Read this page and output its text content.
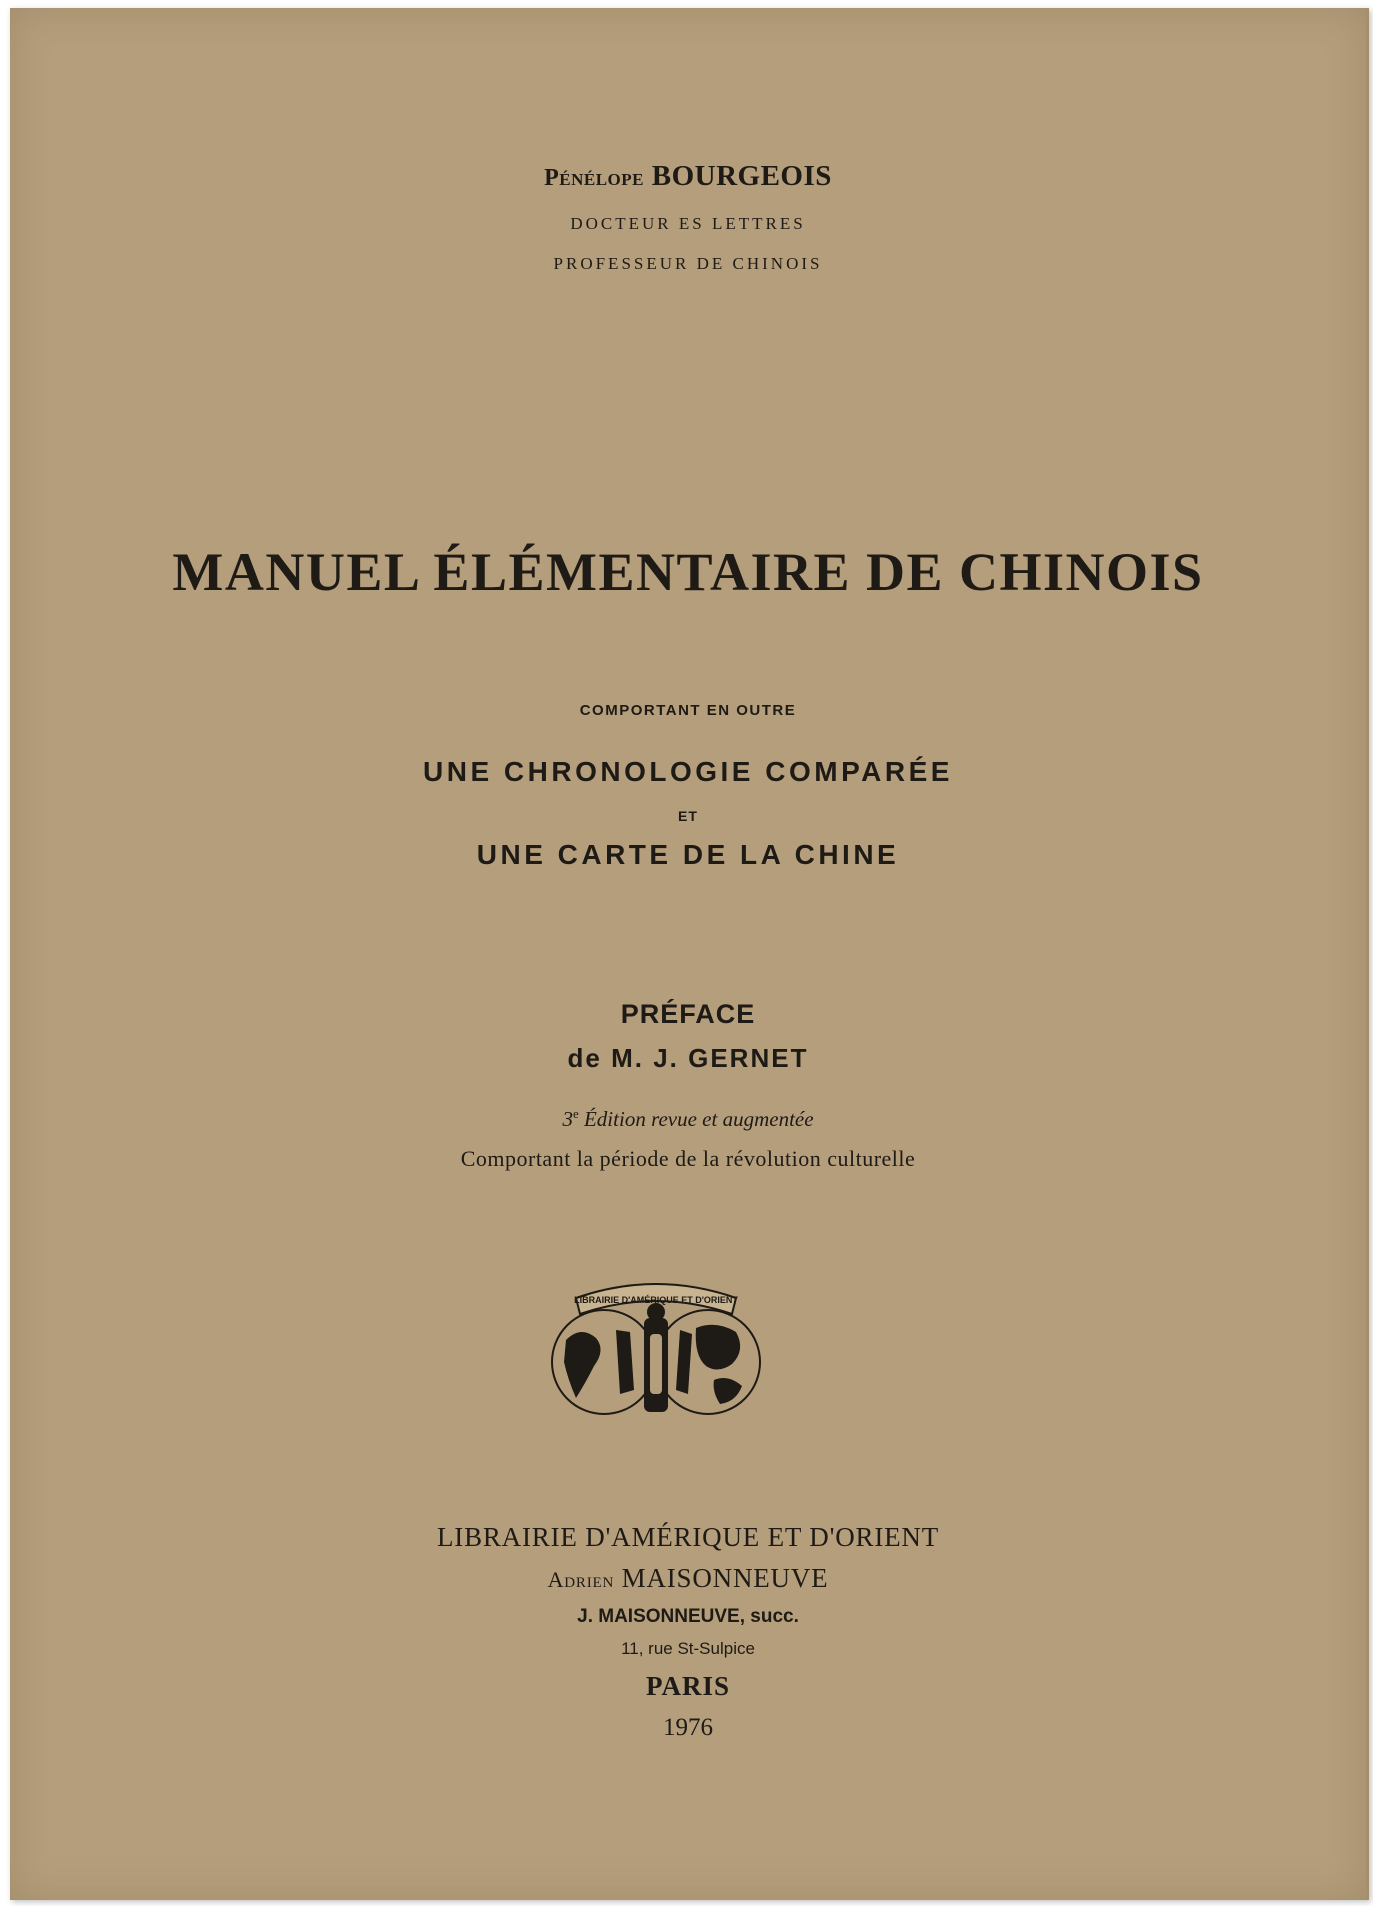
Pénélope BOURGEOIS
DOCTEUR ES LETTRES
PROFESSEUR DE CHINOIS
MANUEL ÉLÉMENTAIRE DE CHINOIS
COMPORTANT EN OUTRE
UNE CHRONOLOGIE COMPARÉE
ET
UNE CARTE DE LA CHINE
PRÉFACE
de M. J. GERNET
3e Édition revue et augmentée
Comportant la période de la révolution culturelle
LIBRAIRIE D'AMÉRIQUE ET D'ORIENT
LIBRAIRIE D'AMÉRIQUE ET D'ORIENT
Adrien MAISONNEUVE
J. MAISONNEUVE, succ.
11, rue St-Sulpice
PARIS
1976
